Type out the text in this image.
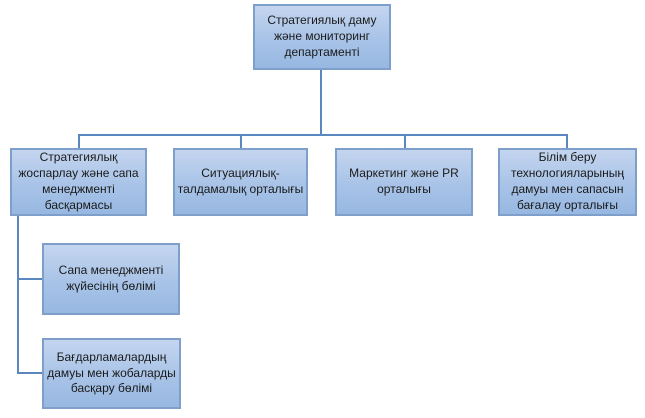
Стратегиялық даму
және мониторинг
департаменті
Стратегиялық
жоспарлау және сапа
менеджменті
басқармасы
Ситуациялық-
талдамалық орталығы
Маркетинг және PR
орталығы
Білім беру
технологияларының
дамуы мен сапасын
бағалау орталығы
Сапа менеджменті
жүйесінің бөлімі
Бағдарламалардың
дамуы мен жобаларды
басқару бөлімі
